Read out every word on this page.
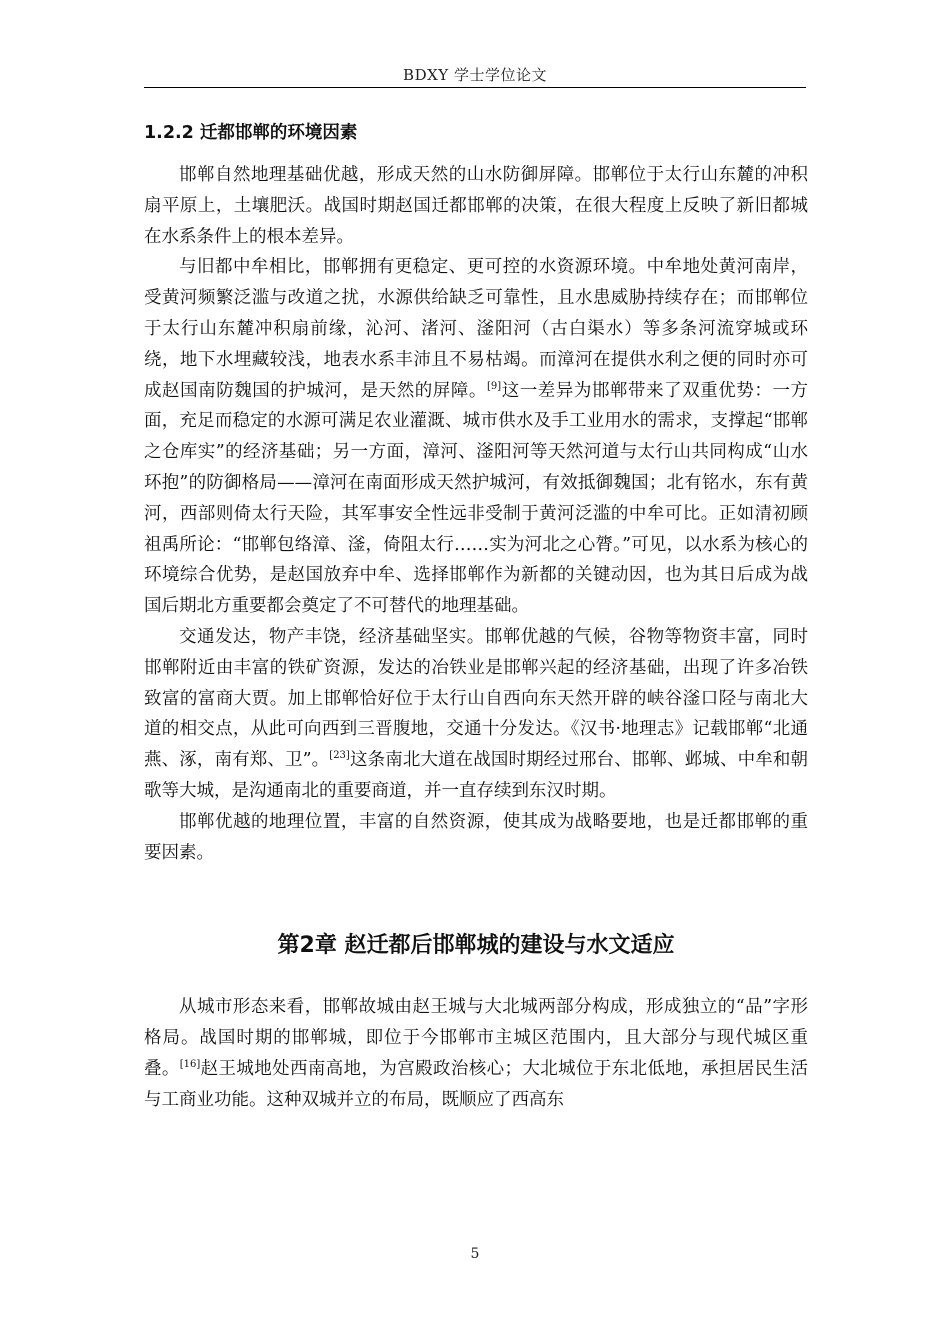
BDXY 学士学位论文
1.2.2 迁都邯郸的环境因素

邯郸自然地理基础优越，形成天然的山水防御屏障。邯郸位于太行山东麓的冲积扇平原上，土壤肥沃。战国时期赵国迁都邯郸的决策，在很大程度上反映了新旧都城在水系条件上的根本差异。

与旧都中牟相比，邯郸拥有更稳定、更可控的水资源环境。中牟地处黄河南岸，受黄河频繁泛滥与改道之扰，水源供给缺乏可靠性，且水患威胁持续存在；而邯郸位于太行山东麓冲积扇前缘，沁河、渚河、滏阳河（古白渠水）等多条河流穿城或环绕，地下水埋藏较浅，地表水系丰沛且不易枯竭。而漳河在提供水利之便的同时亦可成赵国南防魏国的护城河，是天然的屏障。[9]这一差异为邯郸带来了双重优势：一方面，充足而稳定的水源可满足农业灌溉、城市供水及手工业用水的需求，支撑起“邯郸之仓库实”的经济基础；另一方面，漳河、滏阳河等天然河道与太行山共同构成“山水环抱”的防御格局——漳河在南面形成天然护城河，有效抵御魏国；北有铭水，东有黄河，西部则倚太行天险，其军事安全性远非受制于黄河泛滥的中牟可比。正如清初顾祖禹所论：“邯郸包络漳、滏，倚阻太行……实为河北之心膂。”可见，以水系为核心的环境综合优势，是赵国放弃中牟、选择邯郸作为新都的关键动因，也为其日后成为战国后期北方重要都会奠定了不可替代的地理基础。

交通发达，物产丰饶，经济基础坚实。邯郸优越的气候，谷物等物资丰富，同时邯郸附近由丰富的铁矿资源，发达的冶铁业是邯郸兴起的经济基础，出现了许多冶铁致富的富商大贾。加上邯郸恰好位于太行山自西向东天然开辟的峡谷滏口陉与南北大道的相交点，从此可向西到三晋腹地，交通十分发达。《汉书·地理志》记载邯郸“北通燕、涿，南有郑、卫”。[23]这条南北大道在战国时期经过邢台、邯郸、邺城、中牟和朝歌等大城，是沟通南北的重要商道，并一直存续到东汉时期。

邯郸优越的地理位置，丰富的自然资源，使其成为战略要地，也是迁都邯郸的重要因素。

第2章 赵迁都后邯郸城的建设与水文适应

从城市形态来看，邯郸故城由赵王城与大北城两部分构成，形成独立的“品”字形格局。战国时期的邯郸城，即位于今邯郸市主城区范围内，且大部分与现代城区重叠。[16]赵王城地处西南高地，为宫殿政治核心；大北城位于东北低地，承担居民生活与工商业功能。这种双城并立的布局，既顺应了西高东

5
